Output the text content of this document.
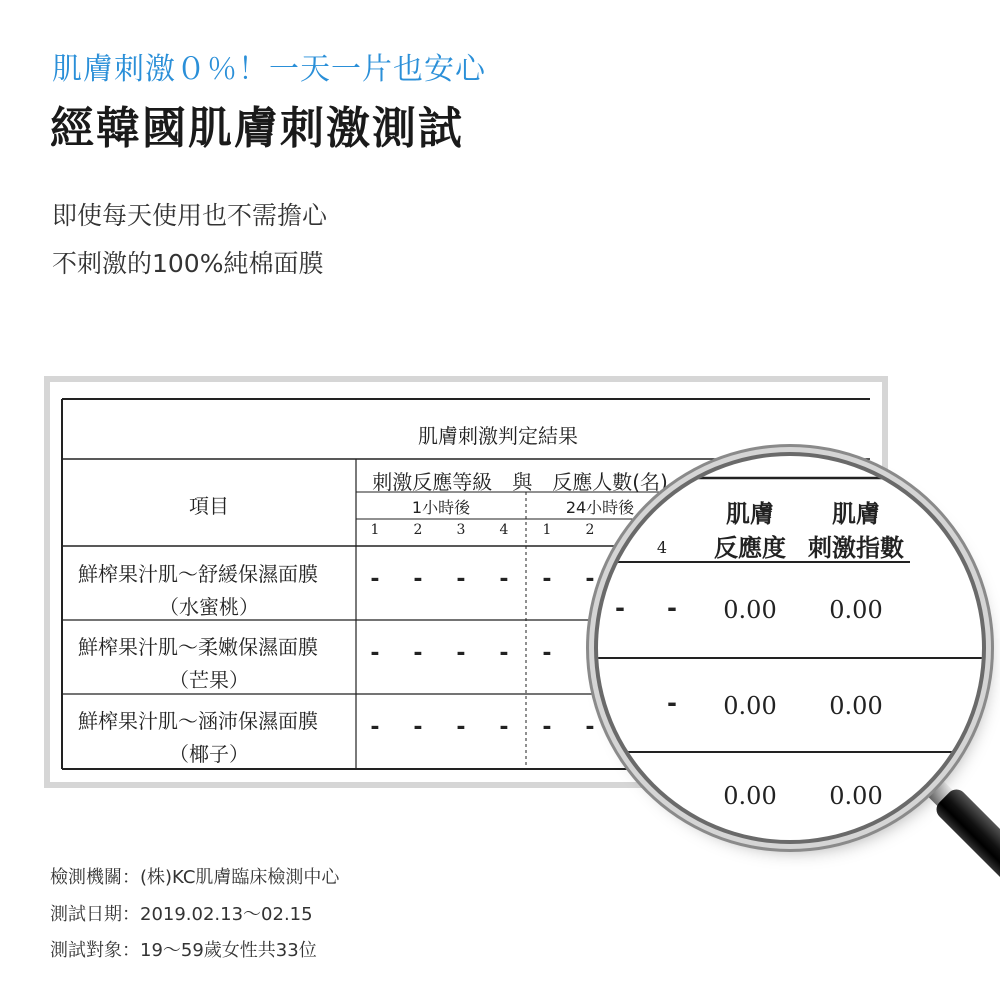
肌膚刺激０％！一天一片也安心
經韓國肌膚刺激測試
即使每天使用也不需擔心
不刺激的100%純棉面膜
肌膚刺激判定結果
項目
刺激反應等級　與　反應人數(名)
1小時後	24小時後
1 2 3 4 1 2
鮮榨果汁肌～舒緩保濕面膜
（水蜜桃）
鮮榨果汁肌～柔嫩保濕面膜
（芒果）
鮮榨果汁肌～涵沛保濕面膜
（椰子）
- - - - - -
- - - - - -
- - - - - -
3
4
肌膚
反應度
肌膚
刺激指數
- - 0.00 0.00
- 0.00 0.00
0.00 0.00
檢測機關：(株)KC肌膚臨床檢測中心
測試日期：2019.02.13～02.15
測試對象：19～59歲女性共33位
